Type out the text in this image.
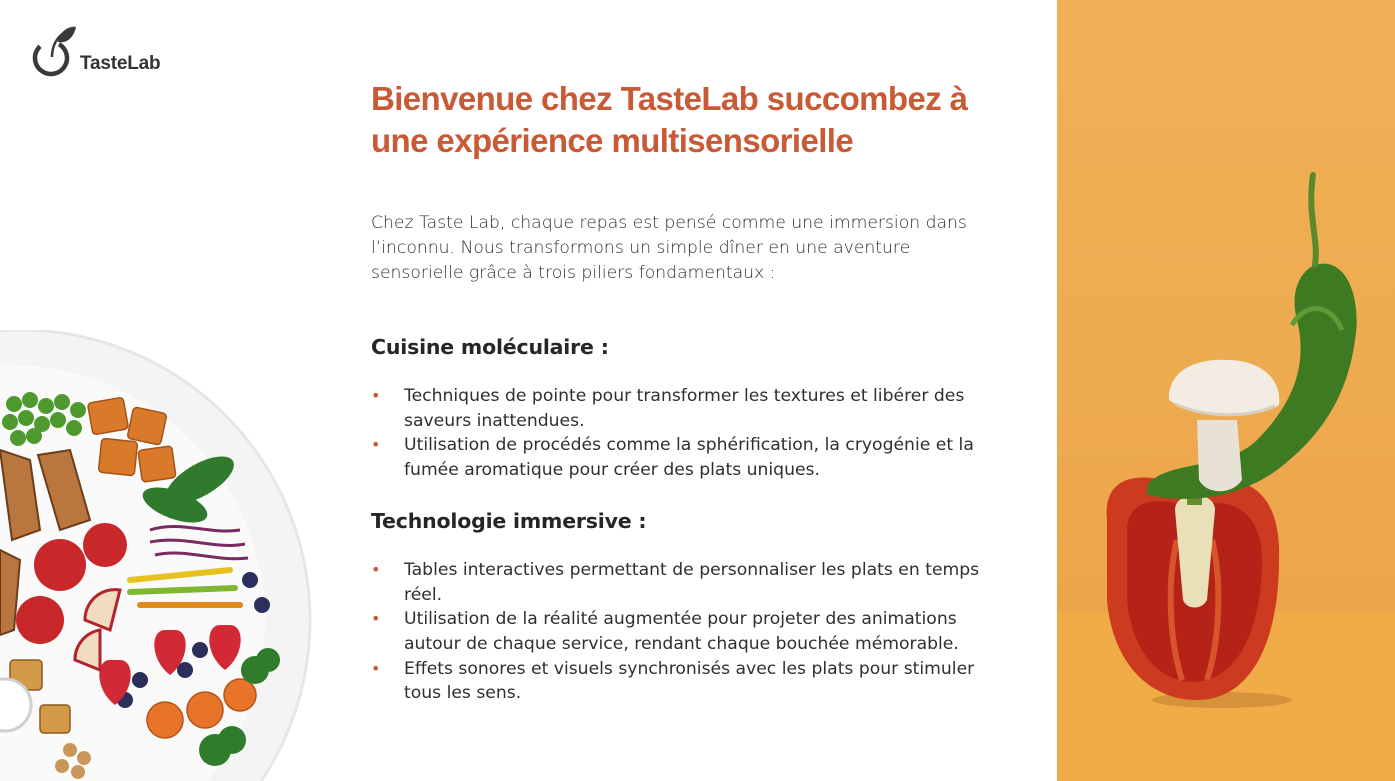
TasteLab
Bienvenue chez TasteLab succombez à une expérience multisensorielle

Chez Taste Lab, chaque repas est pensé comme une immersion dans l’inconnu. Nous transformons un simple dîner en une aventure sensorielle grâce à trois piliers fondamentaux :

Cuisine moléculaire :
• Techniques de pointe pour transformer les textures et libérer des saveurs inattendues.
• Utilisation de procédés comme la sphérification, la cryogénie et la fumée aromatique pour créer des plats uniques.
Technologie immersive :
• Tables interactives permettant de personnaliser les plats en temps réel.
• Utilisation de la réalité augmentée pour projeter des animations autour de chaque service, rendant chaque bouchée mémorable.
• Effets sonores et visuels synchronisés avec les plats pour stimuler tous les sens.
